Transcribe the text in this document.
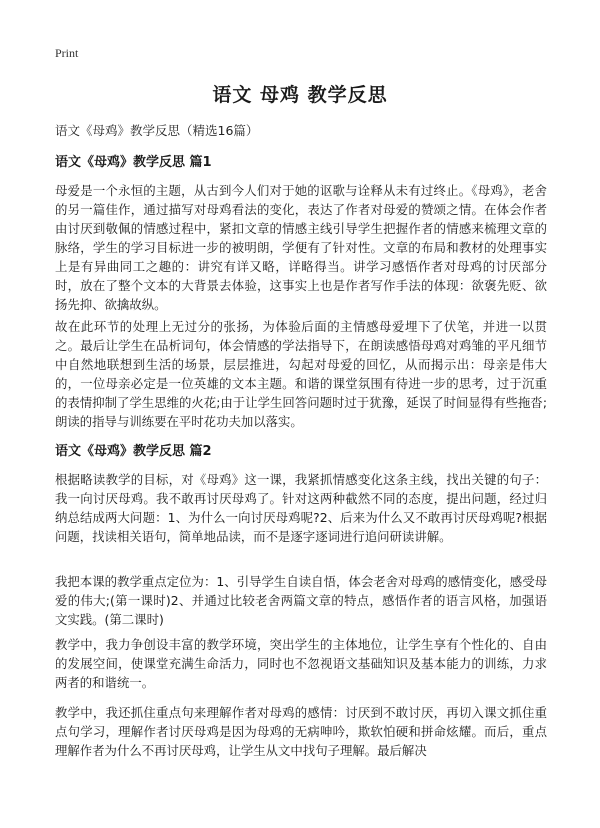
Print
语文 母鸡 教学反思
语文《母鸡》教学反思（精选16篇）
语文《母鸡》教学反思 篇1
母爱是一个永恒的主题，从古到今人们对于她的讴歌与诠释从未有过终止。《母鸡》，老舍的另一篇佳作，通过描写对母鸡看法的变化，表达了作者对母爱的赞颂之情。在体会作者由讨厌到敬佩的情感过程中，紧扣文章的情感主线引导学生把握作者的情感来梳理文章的脉络，学生的学习目标进一步的被明朗，学便有了针对性。文章的布局和教材的处理事实上是有异曲同工之趣的：讲究有详又略，详略得当。讲学习感悟作者对母鸡的讨厌部分时，放在了整个文本的大背景去体验，这事实上也是作者写作手法的体现：欲褒先贬、欲扬先抑、欲擒故纵。
故在此环节的处理上无过分的张扬，为体验后面的主情感母爱埋下了伏笔，并进一以贯之。最后让学生在品析词句，体会情感的学法指导下，在朗读感悟母鸡对鸡雏的平凡细节中自然地联想到生活的场景，层层推进，勾起对母爱的回忆，从而揭示出：母亲是伟大的，一位母亲必定是一位英雄的文本主题。和谐的课堂氛围有待进一步的思考，过于沉重的表情抑制了学生思维的火花;由于让学生回答问题时过于犹豫，延误了时间显得有些拖沓;朗读的指导与训练要在平时花功夫加以落实。
语文《母鸡》教学反思 篇2
根据略读教学的目标，对《母鸡》这一课，我紧抓情感变化这条主线，找出关键的句子：我一向讨厌母鸡。我不敢再讨厌母鸡了。针对这两种截然不同的态度，提出问题，经过归纳总结成两大问题：1、为什么一向讨厌母鸡呢?2、后来为什么又不敢再讨厌母鸡呢?根据问题，找读相关语句，简单地品读，而不是逐字逐词进行追问研读讲解。
我把本课的教学重点定位为：1、引导学生自读自悟，体会老舍对母鸡的感情变化，感受母爱的伟大;(第一课时)2、并通过比较老舍两篇文章的特点，感悟作者的语言风格，加强语文实践。(第二课时)
教学中，我力争创设丰富的教学环境，突出学生的主体地位，让学生享有个性化的、自由的发展空间，使课堂充满生命活力，同时也不忽视语文基础知识及基本能力的训练，力求两者的和谐统一。
教学中，我还抓住重点句来理解作者对母鸡的感情：讨厌到不敢讨厌，再切入课文抓住重点句学习，理解作者讨厌母鸡是因为母鸡的无病呻吟，欺软怕硬和拼命炫耀。而后，重点理解作者为什么不再讨厌母鸡，让学生从文中找句子理解。最后解决
